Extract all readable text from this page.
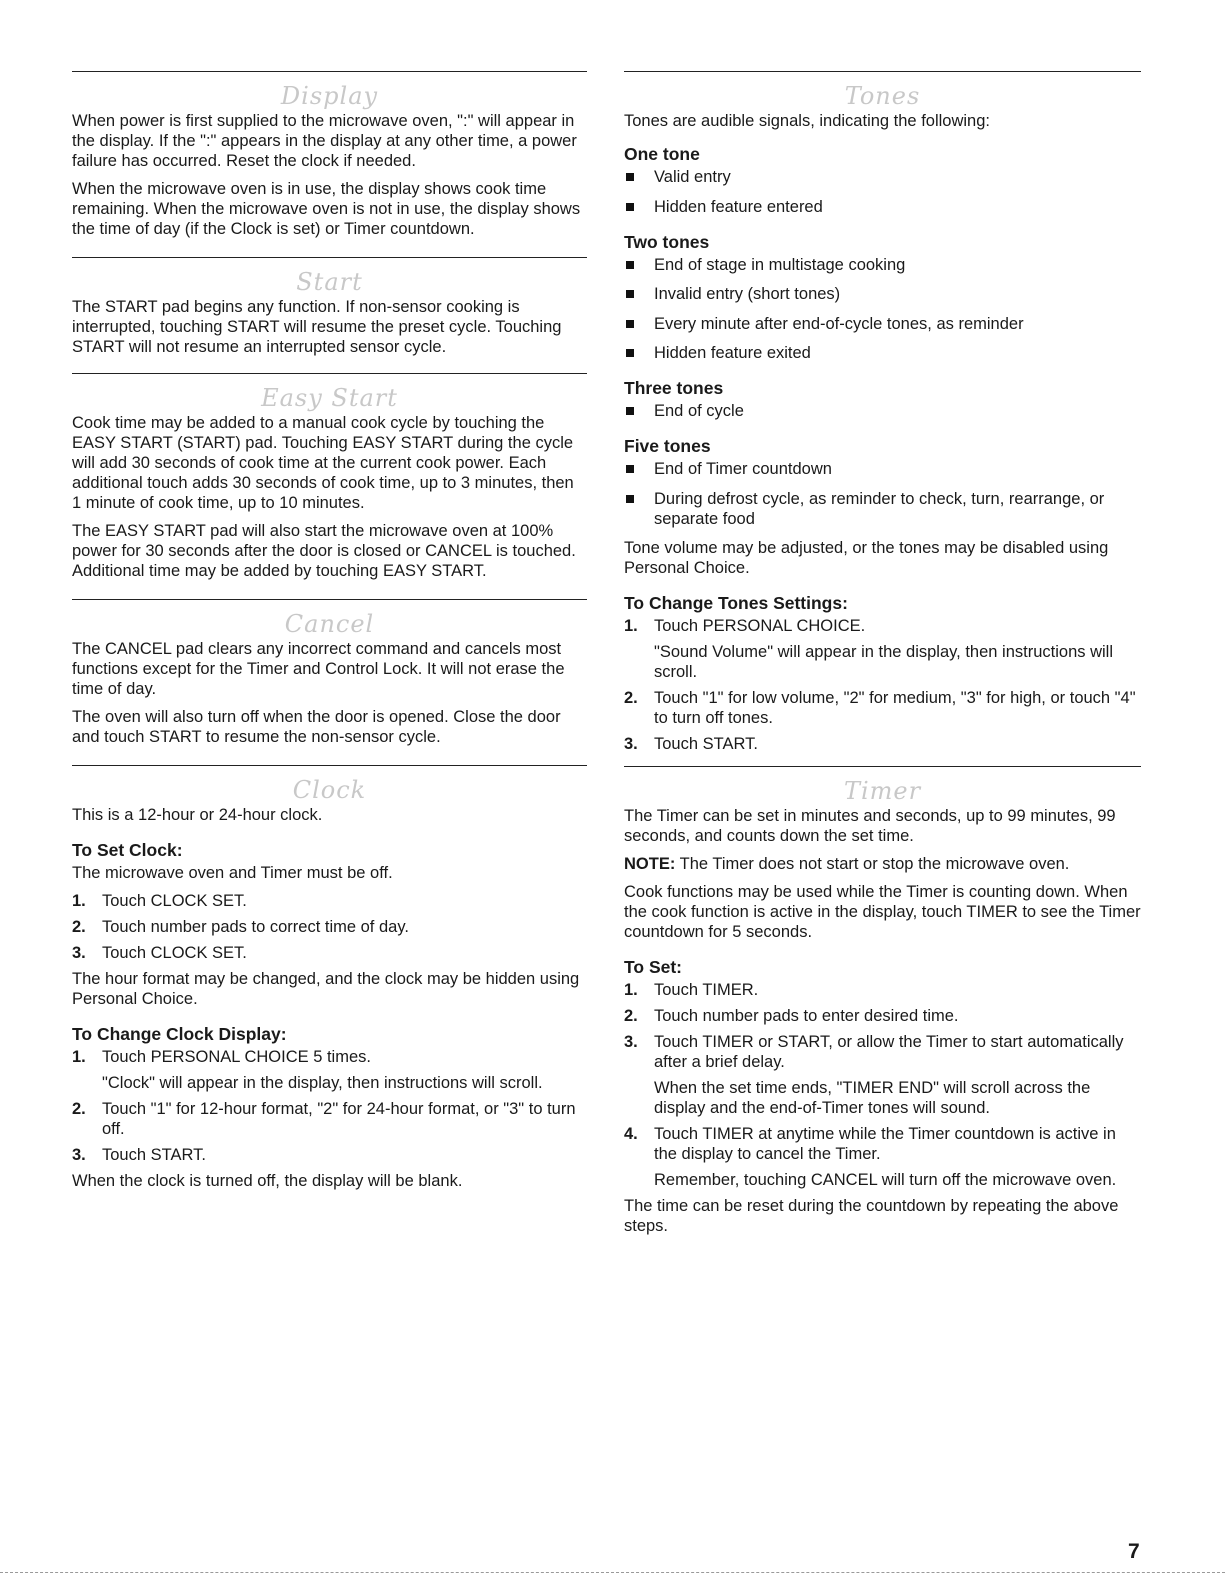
Display

When power is first supplied to the microwave oven, ":" will appear in the display. If the ":" appears in the display at any other time, a power failure has occurred. Reset the clock if needed.

When the microwave oven is in use, the display shows cook time remaining. When the microwave oven is not in use, the display shows the time of day (if the Clock is set) or Timer countdown.

Start

The START pad begins any function. If non-sensor cooking is interrupted, touching START will resume the preset cycle. Touching START will not resume an interrupted sensor cycle.

Easy Start

Cook time may be added to a manual cook cycle by touching the EASY START (START) pad. Touching EASY START during the cycle will add 30 seconds of cook time at the current cook power. Each additional touch adds 30 seconds of cook time, up to 3 minutes, then 1 minute of cook time, up to 10 minutes.

The EASY START pad will also start the microwave oven at 100% power for 30 seconds after the door is closed or CANCEL is touched. Additional time may be added by touching EASY START.

Cancel

The CANCEL pad clears any incorrect command and cancels most functions except for the Timer and Control Lock. It will not erase the time of day.

The oven will also turn off when the door is opened. Close the door and touch START to resume the non-sensor cycle.

Clock

This is a 12-hour or 24-hour clock.

To Set Clock:

The microwave oven and Timer must be off.

1. Touch CLOCK SET.
2. Touch number pads to correct time of day.
3. Touch CLOCK SET.

The hour format may be changed, and the clock may be hidden using Personal Choice.

To Change Clock Display:
1. Touch PERSONAL CHOICE 5 times.
"Clock" will appear in the display, then instructions will scroll.
2. Touch "1" for 12-hour format, "2" for 24-hour format, or "3" to turn off.
3. Touch START.

When the clock is turned off, the display will be blank.

Tones

Tones are audible signals, indicating the following:

One tone
Valid entry
Hidden feature entered
Two tones
End of stage in multistage cooking
Invalid entry (short tones)
Every minute after end-of-cycle tones, as reminder
Hidden feature exited
Three tones
End of cycle
Five tones
End of Timer countdown
During defrost cycle, as reminder to check, turn, rearrange, or separate food

Tone volume may be adjusted, or the tones may be disabled using Personal Choice.

To Change Tones Settings:
1. Touch PERSONAL CHOICE.
"Sound Volume" will appear in the display, then instructions will scroll.
2. Touch "1" for low volume, "2" for medium, "3" for high, or touch "4" to turn off tones.
3. Touch START.
Timer

The Timer can be set in minutes and seconds, up to 99 minutes, 99 seconds, and counts down the set time.

NOTE: The Timer does not start or stop the microwave oven.

Cook functions may be used while the Timer is counting down. When the cook function is active in the display, touch TIMER to see the Timer countdown for 5 seconds.

To Set:
1. Touch TIMER.
2. Touch number pads to enter desired time.
3. Touch TIMER or START, or allow the Timer to start automatically after a brief delay.
When the set time ends, "TIMER END" will scroll across the display and the end-of-Timer tones will sound.
4. Touch TIMER at anytime while the Timer countdown is active in the display to cancel the Timer.
Remember, touching CANCEL will turn off the microwave oven.

The time can be reset during the countdown by repeating the above steps.

7
